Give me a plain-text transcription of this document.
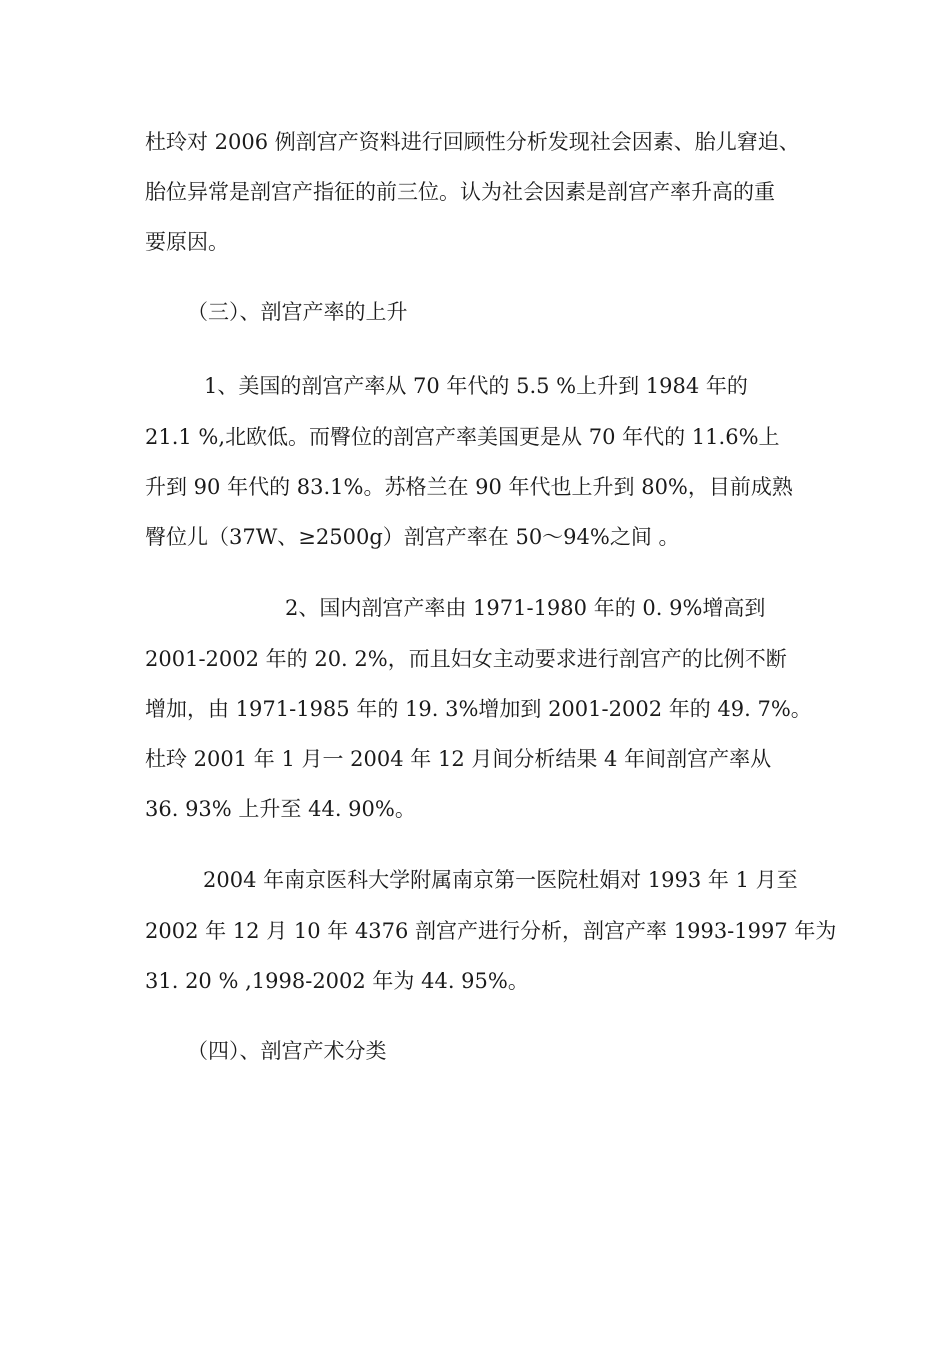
杜玲对 2006 例剖宫产资料进行回顾性分析发现社会因素、胎儿窘迫、
胎位异常是剖宫产指征的前三位。认为社会因素是剖宫产率升高的重
要原因。
（三）、剖宫产率的上升
1、美国的剖宫产率从 70 年代的 5.5 %上升到 1984 年的
21.1 %,北欧低。而臀位的剖宫产率美国更是从 70 年代的 11.6%上
升到 90 年代的 83.1%。苏格兰在 90 年代也上升到 80%，目前成熟
臀位儿（37W、≥2500g）剖宫产率在 50～94%之间 。
2、国内剖宫产率由 1971-1980 年的 0. 9%增高到
2001-2002 年的 20. 2%，而且妇女主动要求进行剖宫产的比例不断
增加，由 1971-1985 年的 19. 3%增加到 2001-2002 年的 49. 7%。
杜玲 2001 年 1 月一 2004 年 12 月间分析结果 4 年间剖宫产率从
36. 93% 上升至 44. 90%。
2004 年南京医科大学附属南京第一医院杜娟对 1993 年 1 月至
2002 年 12 月 10 年 4376 剖宫产进行分析，剖宫产率 1993-1997 年为
31. 20 % ,1998-2002 年为 44. 95%。
（四）、剖宫产术分类
